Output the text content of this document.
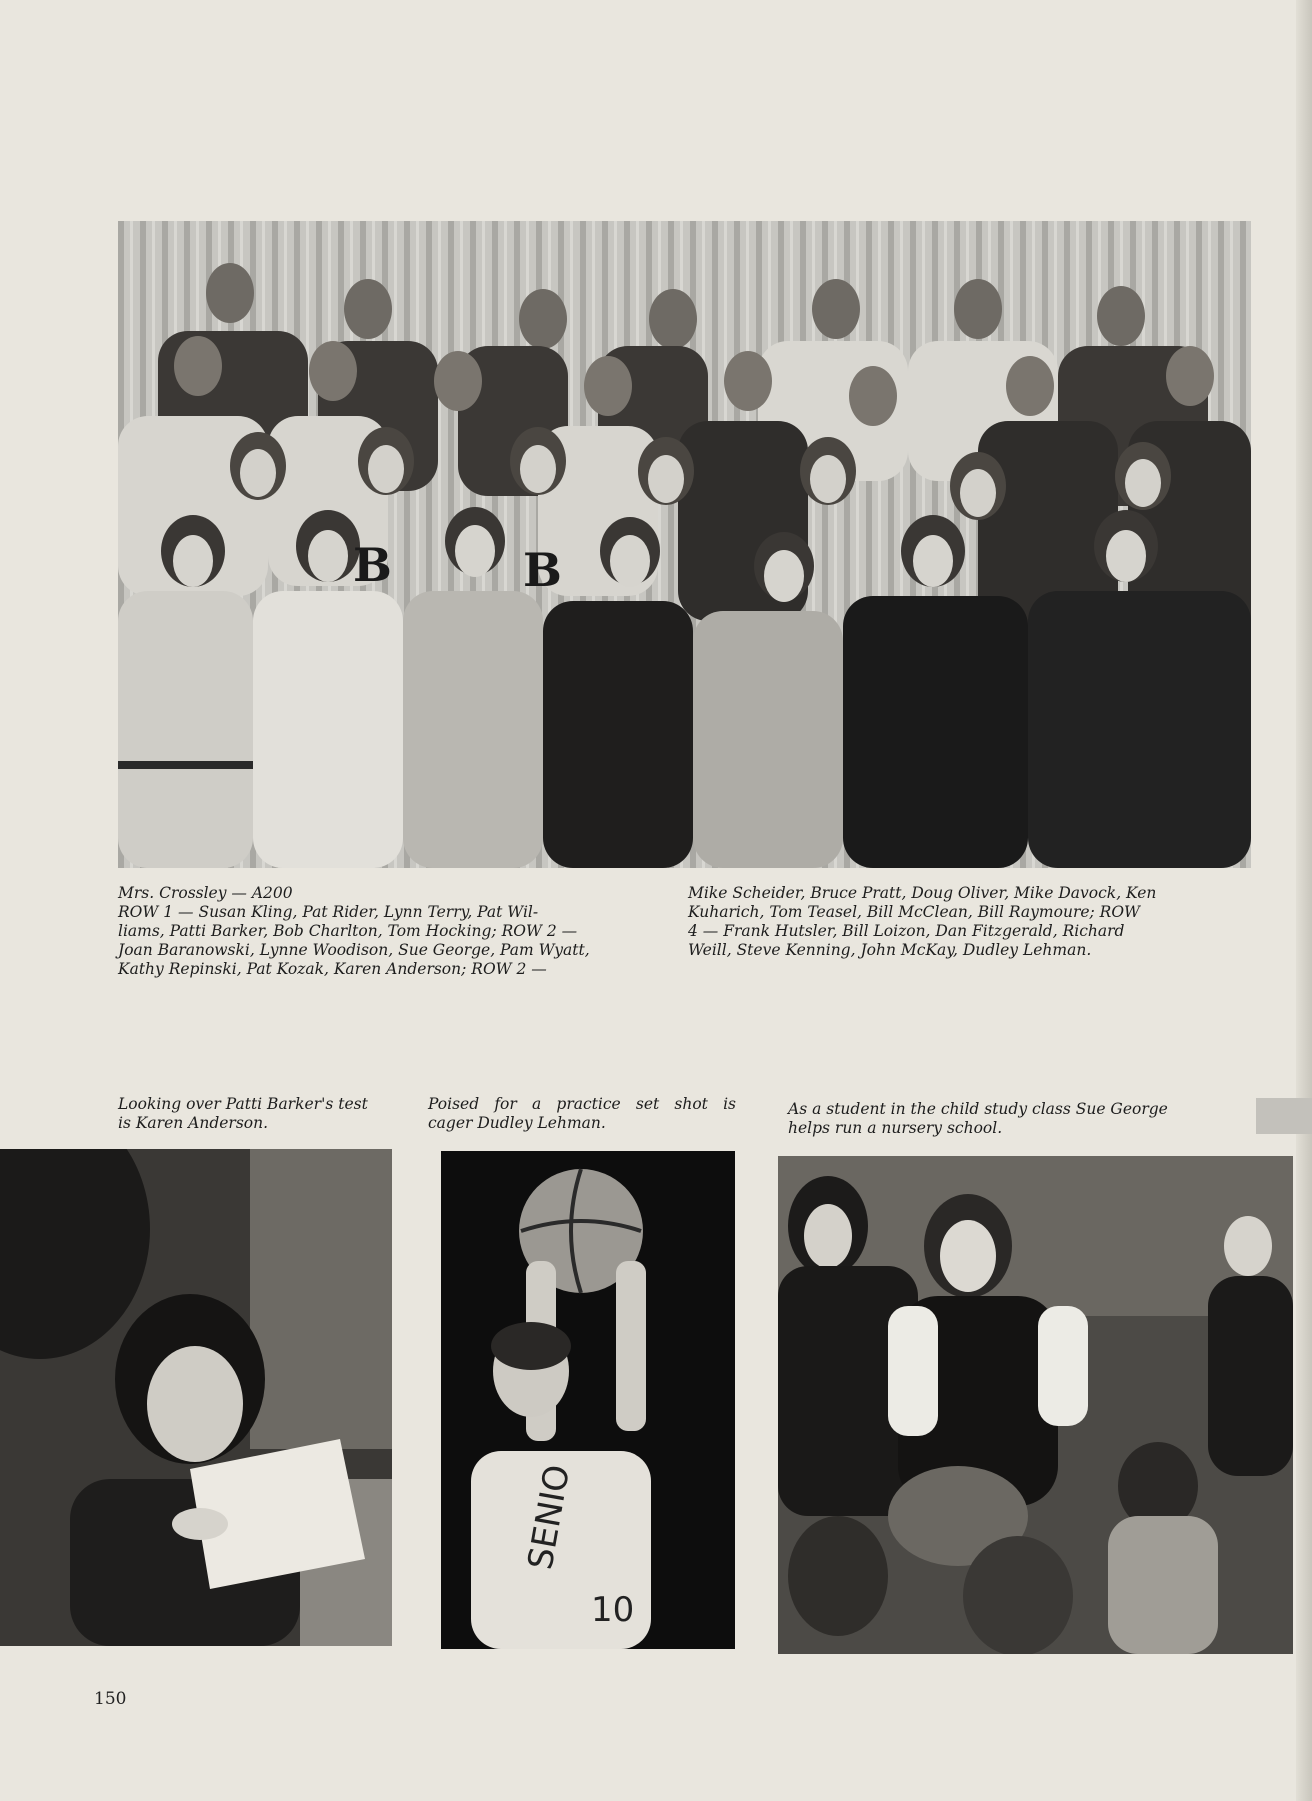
B	B
Mrs. Crossley — A200
ROW 1 — Susan Kling, Pat Rider, Lynn Terry, Pat Wil-
liams, Patti Barker, Bob Charlton, Tom Hocking; ROW 2 —
Joan Baranowski, Lynne Woodison, Sue George, Pam Wyatt,
Kathy Repinski, Pat Kozak, Karen Anderson; ROW 2 —
Mike Scheider, Bruce Pratt, Doug Oliver, Mike Davock, Ken
Kuharich, Tom Teasel, Bill McClean, Bill Raymoure; ROW
4 — Frank Hutsler, Bill Loizon, Dan Fitzgerald, Richard
Weill, Steve Kenning, John McKay, Dudley Lehman.
Looking over Patti Barker's test
is Karen Anderson.
Poised for a practice set shot is
cager Dudley Lehman.
As a student in the child study class Sue George
helps run a nursery school.
SENIO
10
150
